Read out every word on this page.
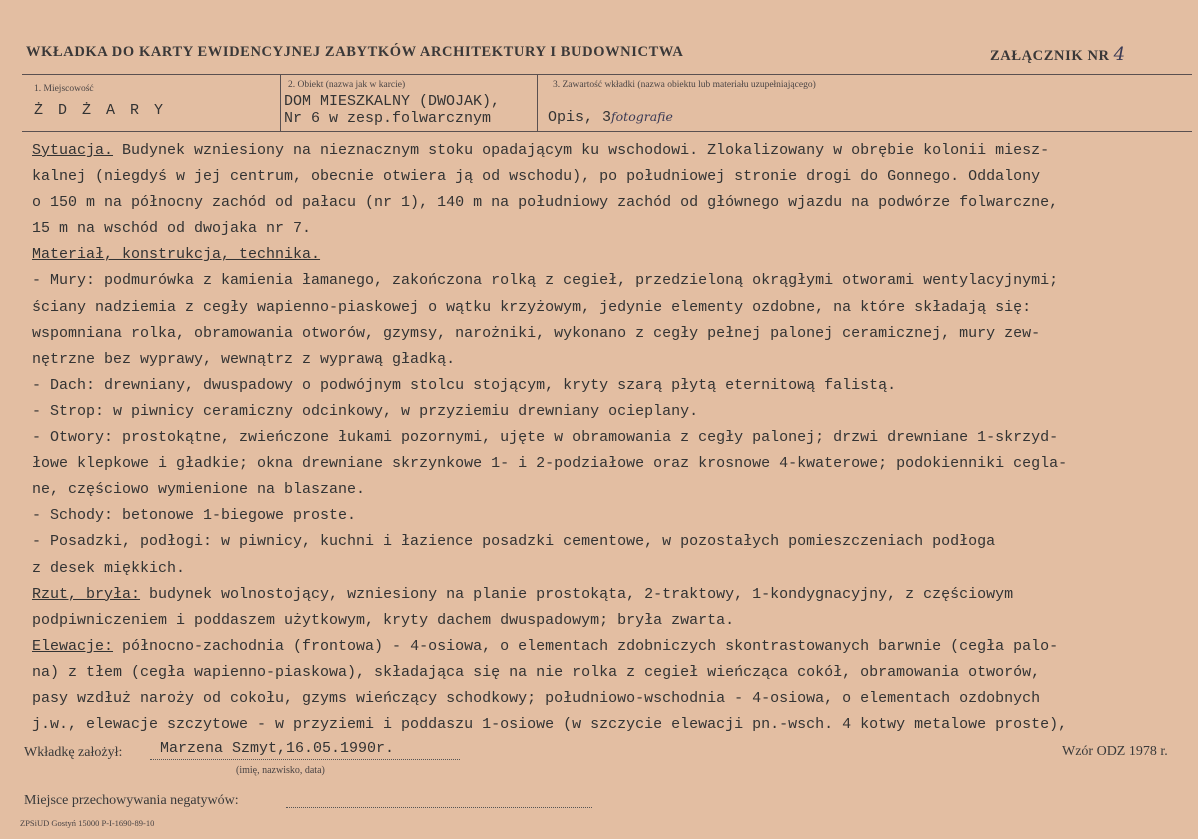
WKŁADKA DO KARTY EWIDENCYJNEJ ZABYTKÓW ARCHITEKTURY I BUDOWNICTWA	ZAŁĄCZNIK NR 4
1. Miejscowość
Ż D Ż A R Y
2. Obiekt (nazwa jak w karcie)
DOM MIESZKALNY (DWOJAK),
Nr 6 w zesp.folwarcznym
3. Zawartość wkładki (nazwa obiektu lub materiału uzupełniającego)
Opis, 3fotografie
Sytuacja. Budynek wzniesiony na nieznacznym stoku opadającym ku wschodowi. Zlokalizowany w obrębie kolonii miesz-
kalnej (niegdyś w jej centrum, obecnie otwiera ją od wschodu), po południowej stronie drogi do Gonnego. Oddalony
o 150 m na północny zachód od pałacu (nr 1), 140 m na południowy zachód od głównego wjazdu na podwórze folwarczne,
15 m na wschód od dwojaka nr 7.
Materiał, konstrukcja, technika.
- Mury: podmurówka z kamienia łamanego, zakończona rolką z cegieł, przedzieloną okrągłymi otworami wentylacyjnymi;
ściany nadziemia z cegły wapienno-piaskowej o wątku krzyżowym, jedynie elementy ozdobne, na które składają się:
wspomniana rolka, obramowania otworów, gzymsy, narożniki, wykonano z cegły pełnej palonej ceramicznej, mury zew-
nętrzne bez wyprawy, wewnątrz z wyprawą gładką.
- Dach: drewniany, dwuspadowy o podwójnym stolcu stojącym, kryty szarą płytą eternitową falistą.
- Strop: w piwnicy ceramiczny odcinkowy, w przyziemiu drewniany ocieplany.
- Otwory: prostokątne, zwieńczone łukami pozornymi, ujęte w obramowania z cegły palonej; drzwi drewniane 1-skrzyd-
łowe klepkowe i gładkie; okna drewniane skrzynkowe 1- i 2-podziałowe oraz krosnowe 4-kwaterowe; podokienniki cegla-
ne, częściowo wymienione na blaszane.
- Schody: betonowe 1-biegowe proste.
- Posadzki, podłogi: w piwnicy, kuchni i łazience posadzki cementowe, w pozostałych pomieszczeniach podłoga
z desek miękkich.
Rzut, bryła: budynek wolnostojący, wzniesiony na planie prostokąta, 2-traktowy, 1-kondygnacyjny, z częściowym
podpiwniczeniem i poddaszem użytkowym, kryty dachem dwuspadowym; bryła zwarta.
Elewacje: północno-zachodnia (frontowa) - 4-osiowa, o elementach zdobniczych skontrastowanych barwnie (cegła palo-
na) z tłem (cegła wapienno-piaskowa), składająca się na nie rolka z cegieł wieńcząca cokół, obramowania otworów,
pasy wzdłuż naroży od cokołu, gzyms wieńczący schodkowy; południowo-wschodnia - 4-osiowa, o elementach ozdobnych
j.w., elewacje szczytowe - w przyziemi i poddaszu 1-osiowe (w szczycie elewacji pn.-wsch. 4 kotwy metalowe proste),
Wkładkę założył:	Marzena Szmyt,16.05.1990r.
(imię, nazwisko, data)
Wzór ODZ 1978 r.
Miejsce przechowywania negatywów:
ZPSiUD Gostyń 15000 P-I-1690-89-10
